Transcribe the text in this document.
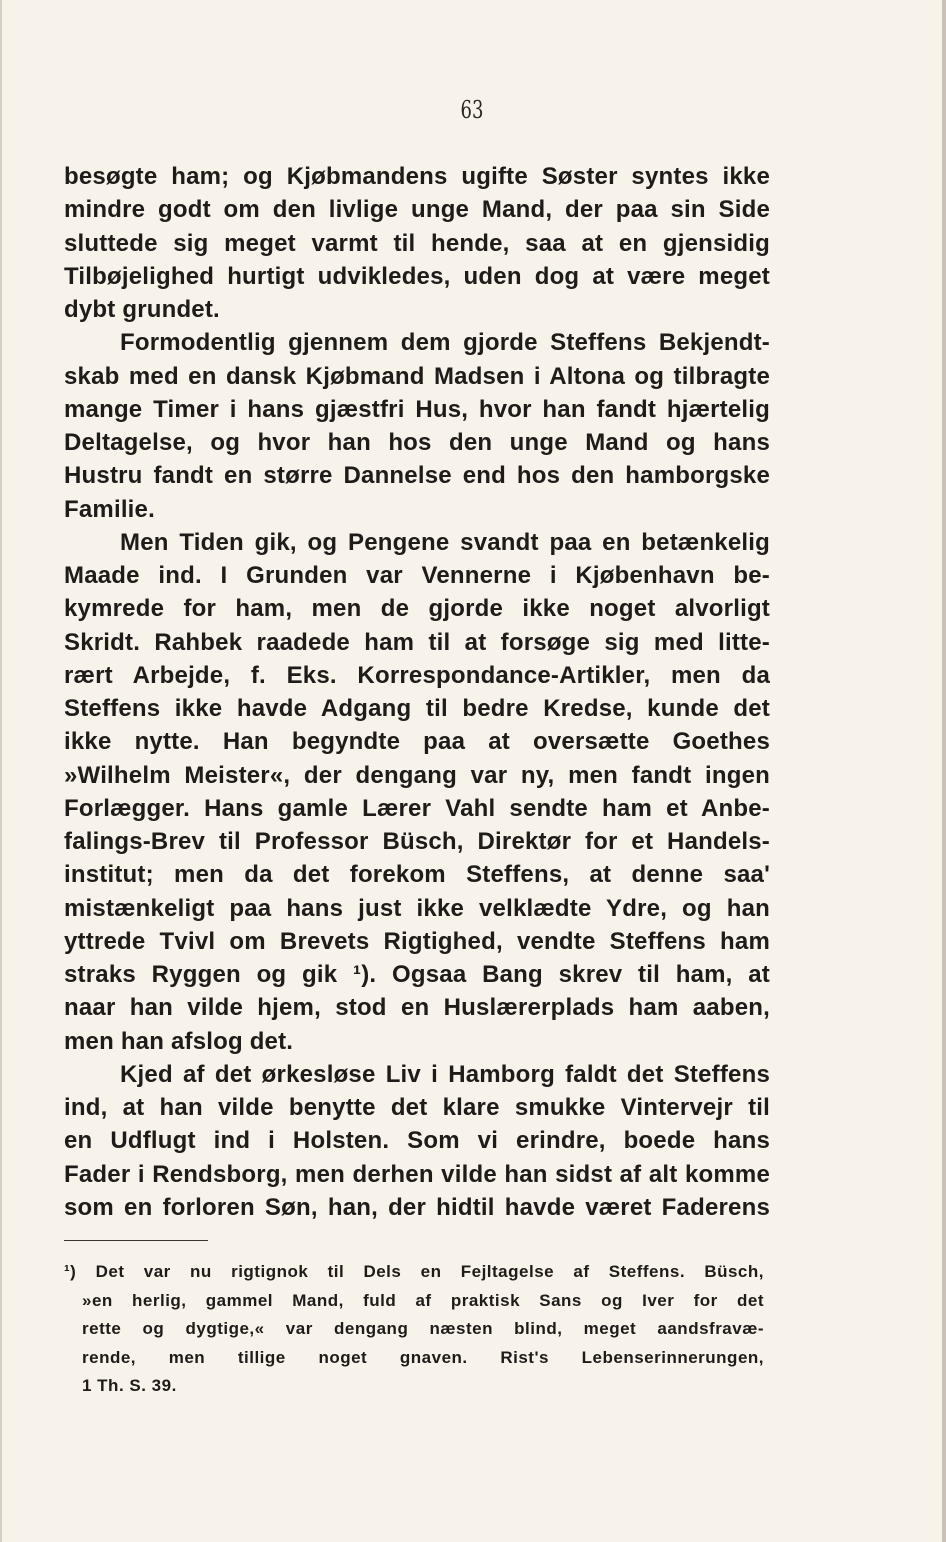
63
besøgte ham; og Kjøbmandens ugifte Søster syntes ikke
mindre godt om den livlige unge Mand, der paa sin Side
sluttede sig meget varmt til hende, saa at en gjensidig
Tilbøjelighed hurtigt udvikledes, uden dog at være meget
dybt grundet.
Formodentlig gjennem dem gjorde Steffens Bekjendt-
skab med en dansk Kjøbmand Madsen i Altona og tilbragte
mange Timer i hans gjæstfri Hus, hvor han fandt hjærtelig
Deltagelse, og hvor han hos den unge Mand og hans
Hustru fandt en større Dannelse end hos den hamborgske
Familie.
Men Tiden gik, og Pengene svandt paa en betænkelig
Maade ind. I Grunden var Vennerne i Kjøbenhavn be-
kymrede for ham, men de gjorde ikke noget alvorligt
Skridt. Rahbek raadede ham til at forsøge sig med litte-
rært Arbejde, f. Eks. Korrespondance-Artikler, men da
Steffens ikke havde Adgang til bedre Kredse, kunde det
ikke nytte. Han begyndte paa at oversætte Goethes
»Wilhelm Meister«, der dengang var ny, men fandt ingen
Forlægger. Hans gamle Lærer Vahl sendte ham et Anbe-
falings-Brev til Professor Büsch, Direktør for et Handels-
institut; men da det forekom Steffens, at denne saa'
mistænkeligt paa hans just ikke velklædte Ydre, og han
yttrede Tvivl om Brevets Rigtighed, vendte Steffens ham
straks Ryggen og gik ¹). Ogsaa Bang skrev til ham, at
naar han vilde hjem, stod en Huslærerplads ham aaben,
men han afslog det.
Kjed af det ørkesløse Liv i Hamborg faldt det Steffens
ind, at han vilde benytte det klare smukke Vintervejr til
en Udflugt ind i Holsten. Som vi erindre, boede hans
Fader i Rendsborg, men derhen vilde han sidst af alt komme
som en forloren Søn, han, der hidtil havde været Faderens
¹) Det var nu rigtignok til Dels en Fejltagelse af Steffens. Büsch,
»en herlig, gammel Mand, fuld af praktisk Sans og Iver for det
rette og dygtige,« var dengang næsten blind, meget aandsfravæ-
rende, men tillige noget gnaven. Rist's Lebenserinnerungen,
1 Th. S. 39.
